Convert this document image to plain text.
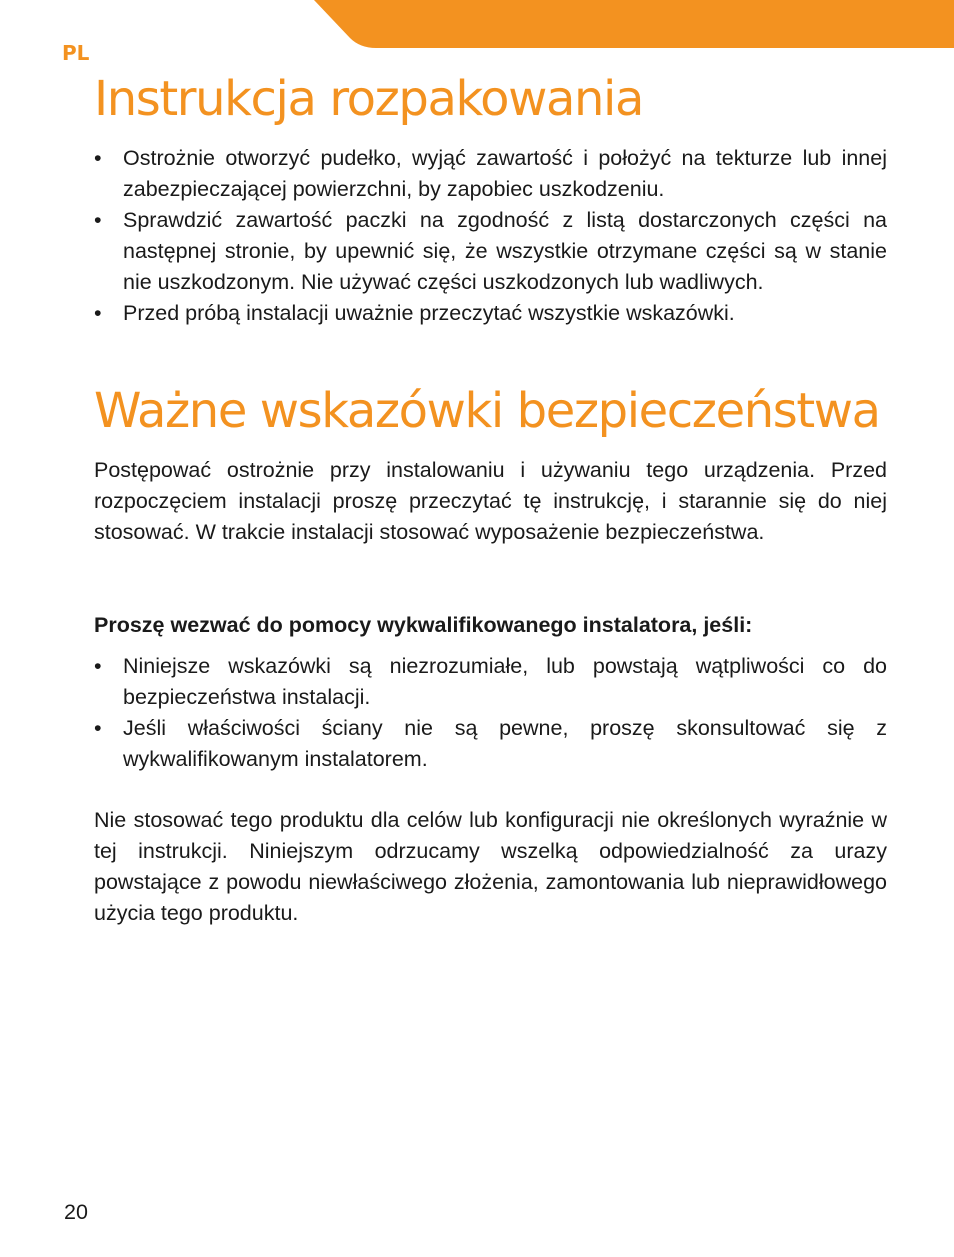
PL
Instrukcja rozpakowania
• Ostrożnie otworzyć pudełko, wyjąć zawartość i położyć na tekturze lub innej zabezpieczającej powierzchni, by zapobiec uszkodzeniu.
• Sprawdzić zawartość paczki na zgodność z listą dostarczonych części na następnej stronie, by upewnić się, że wszystkie otrzymane części są w stanie nie uszkodzonym. Nie używać części uszkodzonych lub wadliwych.
• Przed próbą instalacji uważnie przeczytać wszystkie wskazówki.
Ważne wskazówki bezpieczeństwa

Postępować ostrożnie przy instalowaniu i używaniu tego urządzenia. Przed rozpoczęciem instalacji proszę przeczytać tę instrukcję, i starannie się do niej stosować. W trakcie instalacji stosować wyposażenie bezpieczeństwa.

Proszę wezwać do pomocy wykwalifikowanego instalatora, jeśli:

• Niniejsze wskazówki są niezrozumiałe, lub powstają wątpliwości co do bezpieczeństwa instalacji.
• Jeśli właściwości ściany nie są pewne, proszę skonsultować się z wykwalifikowanym instalatorem.

Nie stosować tego produktu dla celów lub konfiguracji nie określonych wyraźnie w tej instrukcji. Niniejszym odrzucamy wszelką odpowiedzialność za urazy powstające z powodu niewłaściwego złożenia, zamontowania lub nieprawidłowego użycia tego produktu.

20
